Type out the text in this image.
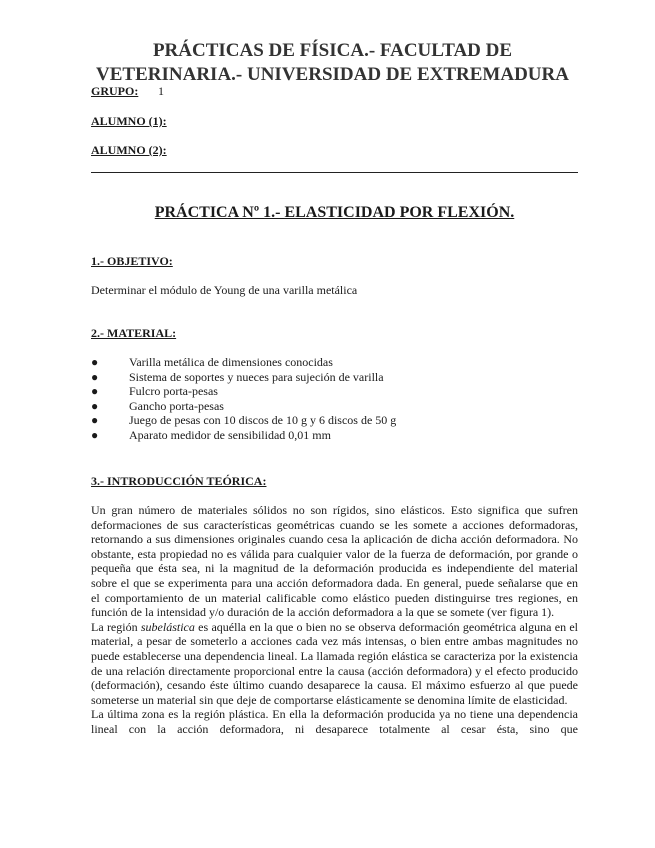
PRÁCTICAS DE FÍSICA.- FACULTAD DE
VETERINARIA.- UNIVERSIDAD DE EXTREMADURA
GRUPO: 1
ALUMNO (1):
ALUMNO (2):
PRÁCTICA Nº 1.- ELASTICIDAD POR FLEXIÓN.
1.- OBJETIVO:
Determinar el módulo de Young de una varilla metálica
2.- MATERIAL:
●	Varilla metálica de dimensiones conocidas
●	Sistema de soportes y nueces para sujeción de varilla
●	Fulcro porta-pesas
●	Gancho porta-pesas
●	Juego de pesas con 10 discos de 10 g y 6 discos de 50 g
●	Aparato medidor de sensibilidad 0,01 mm
3.- INTRODUCCIÓN TEÓRICA:

Un gran número de materiales sólidos no son rígidos, sino elásticos. Esto significa que sufren deformaciones de sus características geométricas cuando se les somete a acciones deformadoras, retornando a sus dimensiones originales cuando cesa la aplicación de dicha acción deformadora. No obstante, esta propiedad no es válida para cualquier valor de la fuerza de deformación, por grande o pequeña que ésta sea, ni la magnitud de la deformación producida es independiente del material sobre el que se experimenta para una acción deformadora dada. En general, puede señalarse que en el comportamiento de un material calificable como elástico pueden distinguirse tres regiones, en función de la intensidad y/o duración de la acción deformadora a la que se somete (ver figura 1).

La región subelástica es aquélla en la que o bien no se observa deformación geométrica alguna en el material, a pesar de someterlo a acciones cada vez más intensas, o bien entre ambas magnitudes no puede establecerse una dependencia lineal. La llamada región elástica se caracteriza por la existencia de una relación directamente proporcional entre la causa (acción deformadora) y el efecto producido (deformación), cesando éste último cuando desaparece la causa. El máximo esfuerzo al que puede someterse un material sin que deje de comportarse elásticamente se denomina límite de elasticidad.

La última zona es la región plástica. En ella la deformación producida ya no tiene una dependencia lineal con la acción deformadora, ni desaparece totalmente al cesar ésta, sino que
